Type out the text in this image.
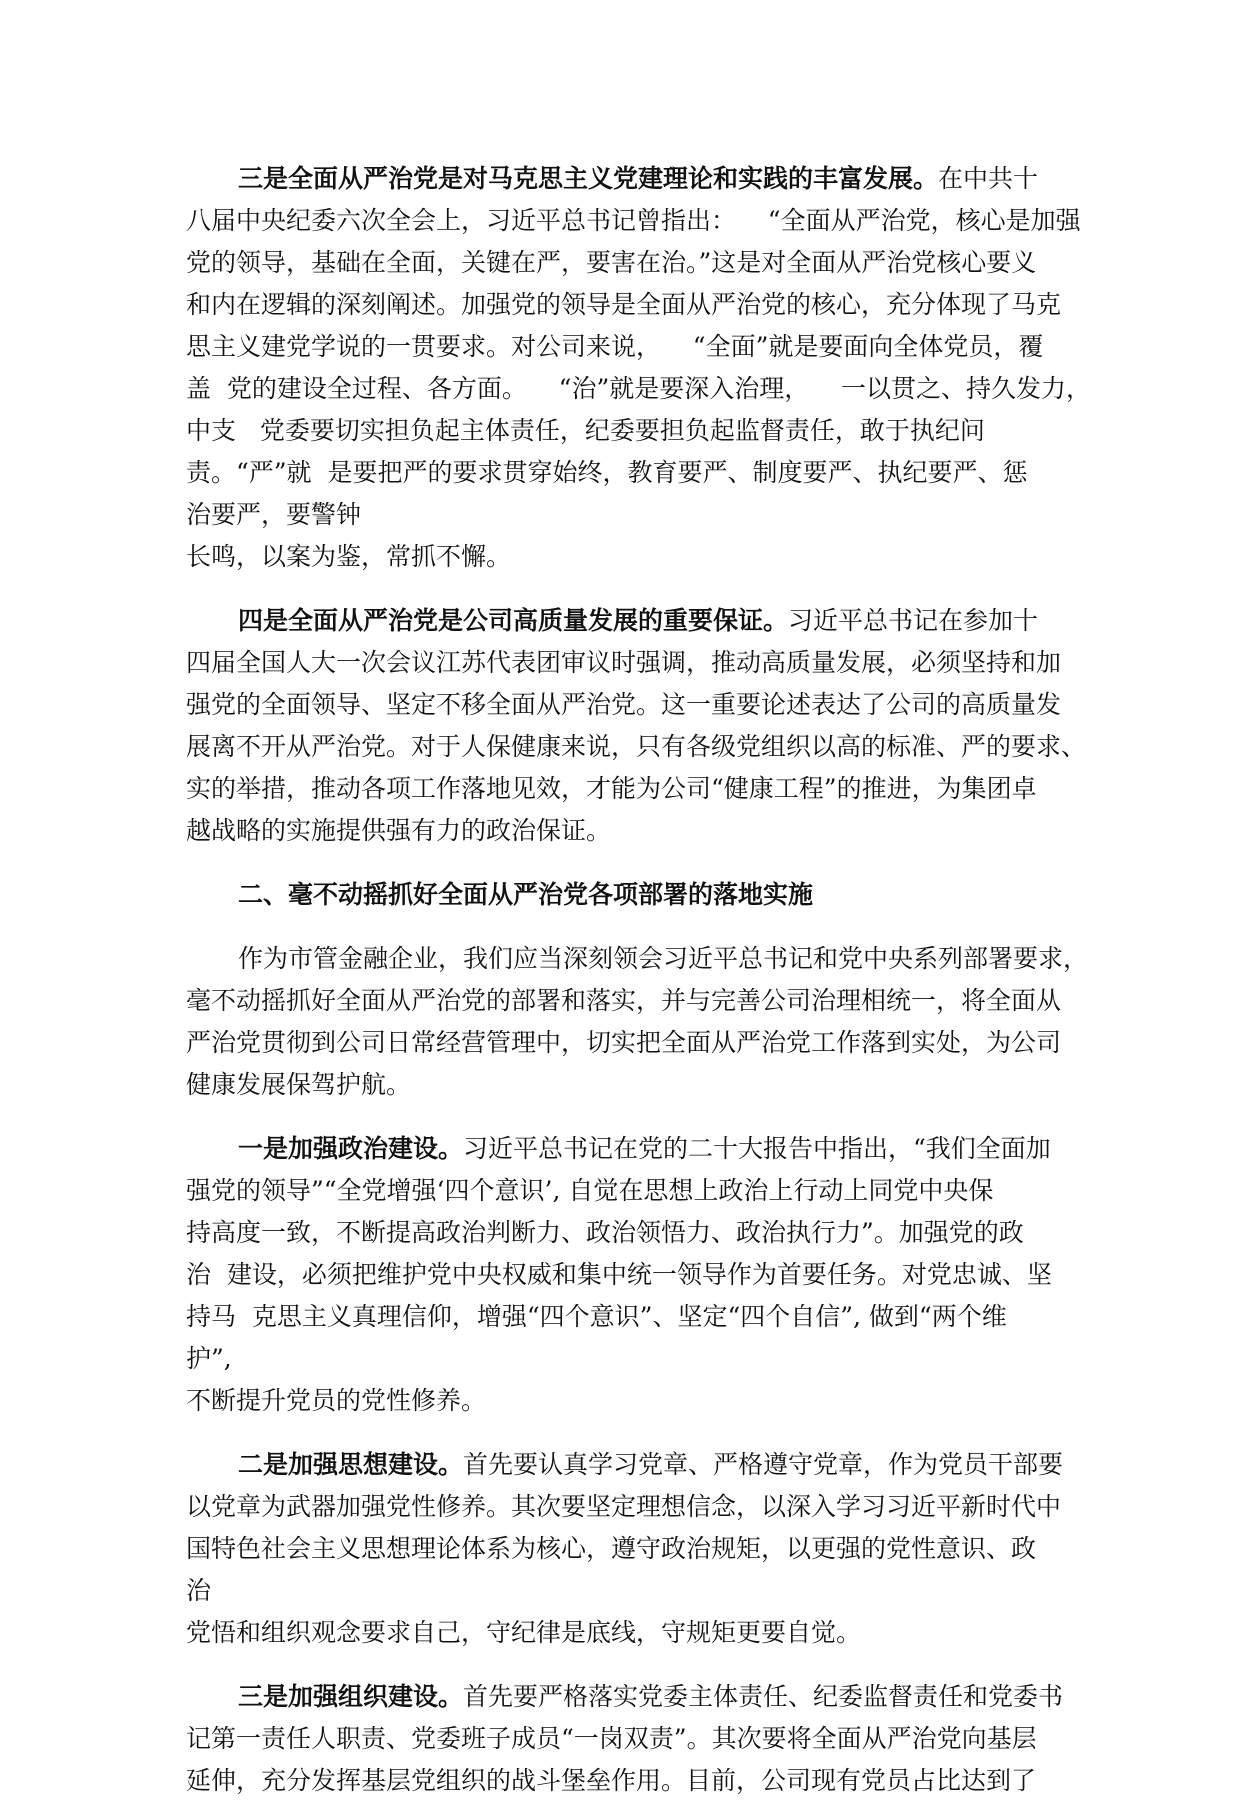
三是全面从严治党是对马克思主义党建理论和实践的丰富发展。在中共十
八届中央纪委六次全会上，习近平总书记曾指出：    “全面从严治党，核心是加强
党的领导，基础在全面，关键在严，要害在治。”这是对全面从严治党核心要义
和内在逻辑的深刻阐述。加强党的领导是全面从严治党的核心，充分体现了马克
思主义建党学说的一贯要求。对公司来说，    “全面”就是要面向全体党员，覆
盖  党的建设全过程、各方面。    “治”就是要深入治理，    一以贯之、持久发力，
中支   党委要切实担负起主体责任，纪委要担负起监督责任，敢于执纪问
责。“严”就  是要把严的要求贯穿始终，教育要严、制度要严、执纪要严、惩
治要严，要警钟
长鸣，以案为鉴，常抓不懈。
四是全面从严治党是公司高质量发展的重要保证。习近平总书记在参加十
四届全国人大一次会议江苏代表团审议时强调，推动高质量发展，必须坚持和加
强党的全面领导、坚定不移全面从严治党。这一重要论述表达了公司的高质量发
展离不开从严治党。对于人保健康来说，只有各级党组织以高的标准、严的要求、
实的举措，推动各项工作落地见效，才能为公司“健康工程”的推进，为集团卓
越战略的实施提供强有力的政治保证。
二、毫不动摇抓好全面从严治党各项部署的落地实施
作为市管金融企业，我们应当深刻领会习近平总书记和党中央系列部署要求，
毫不动摇抓好全面从严治党的部署和落实，并与完善公司治理相统一，将全面从
严治党贯彻到公司日常经营管理中，切实把全面从严治党工作落到实处，为公司
健康发展保驾护航。
一是加强政治建设。习近平总书记在党的二十大报告中指出，“我们全面加
强党的领导”“全党增强‘四个意识’, 自觉在思想上政治上行动上同党中央保
持高度一致，不断提高政治判断力、政治领悟力、政治执行力”。加强党的政
治  建设，必须把维护党中央权威和集中统一领导作为首要任务。对党忠诚、坚
持马  克思主义真理信仰，增强“四个意识”、坚定“四个自信”, 做到“两个维
护”,
不断提升党员的党性修养。
二是加强思想建设。首先要认真学习党章、严格遵守党章，作为党员干部要
以党章为武器加强党性修养。其次要坚定理想信念，以深入学习习近平新时代中
国特色社会主义思想理论体系为核心，遵守政治规矩，以更强的党性意识、政
治
党悟和组织观念要求自己，守纪律是底线，守规矩更要自觉。
三是加强组织建设。首先要严格落实党委主体责任、纪委监督责任和党委书
记第一责任人职责、党委班子成员“一岗双责”。其次要将全面从严治党向基层
延伸，充分发挥基层党组织的战斗堡垒作用。目前，公司现有党员占比达到了
